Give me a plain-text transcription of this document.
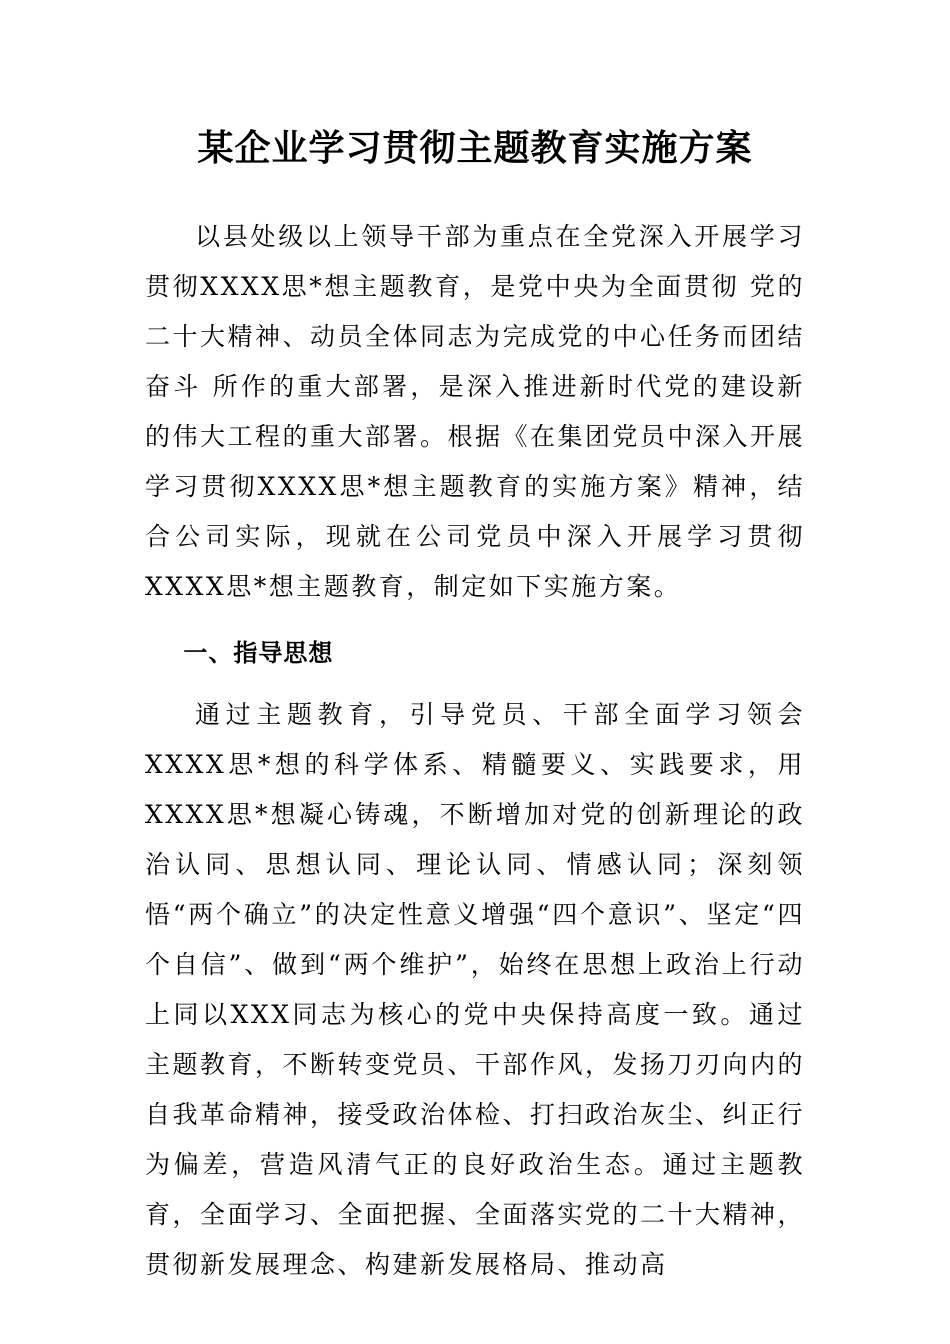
某企业学习贯彻主题教育实施方案

以县处级以上领导干部为重点在全党深入开展学习贯彻XXXX思*想主题教育，是党中央为全面贯彻 党的二十大精神、动员全体同志为完成党的中心任务而团结奋斗 所作的重大部署，是深入推进新时代党的建设新的伟大工程的重大部署。根据《在集团党员中深入开展学习贯彻XXXX思*想主题教育的实施方案》精神，结合公司实际，现就在公司党员中深入开展学习贯彻XXXX思*想主题教育，制定如下实施方案。

一、指导思想

通过主题教育，引导党员、干部全面学习领会XXXX思*想的科学体系、精髓要义、实践要求，用XXXX思*想凝心铸魂，不断增加对党的创新理论的政治认同、思想认同、理论认同、情感认同；深刻领悟“两个确立”的决定性意义增强“四个意识”、坚定“四个自信”、做到“两个维护”，始终在思想上政治上行动上同以XXX同志为核心的党中央保持高度一致。通过主题教育，不断转变党员、干部作风，发扬刀刃向内的自我革命精神，接受政治体检、打扫政治灰尘、纠正行为偏差，营造风清气正的良好政治生态。通过主题教育，全面学习、全面把握、全面落实党的二十大精神，贯彻新发展理念、构建新发展格局、推动高
